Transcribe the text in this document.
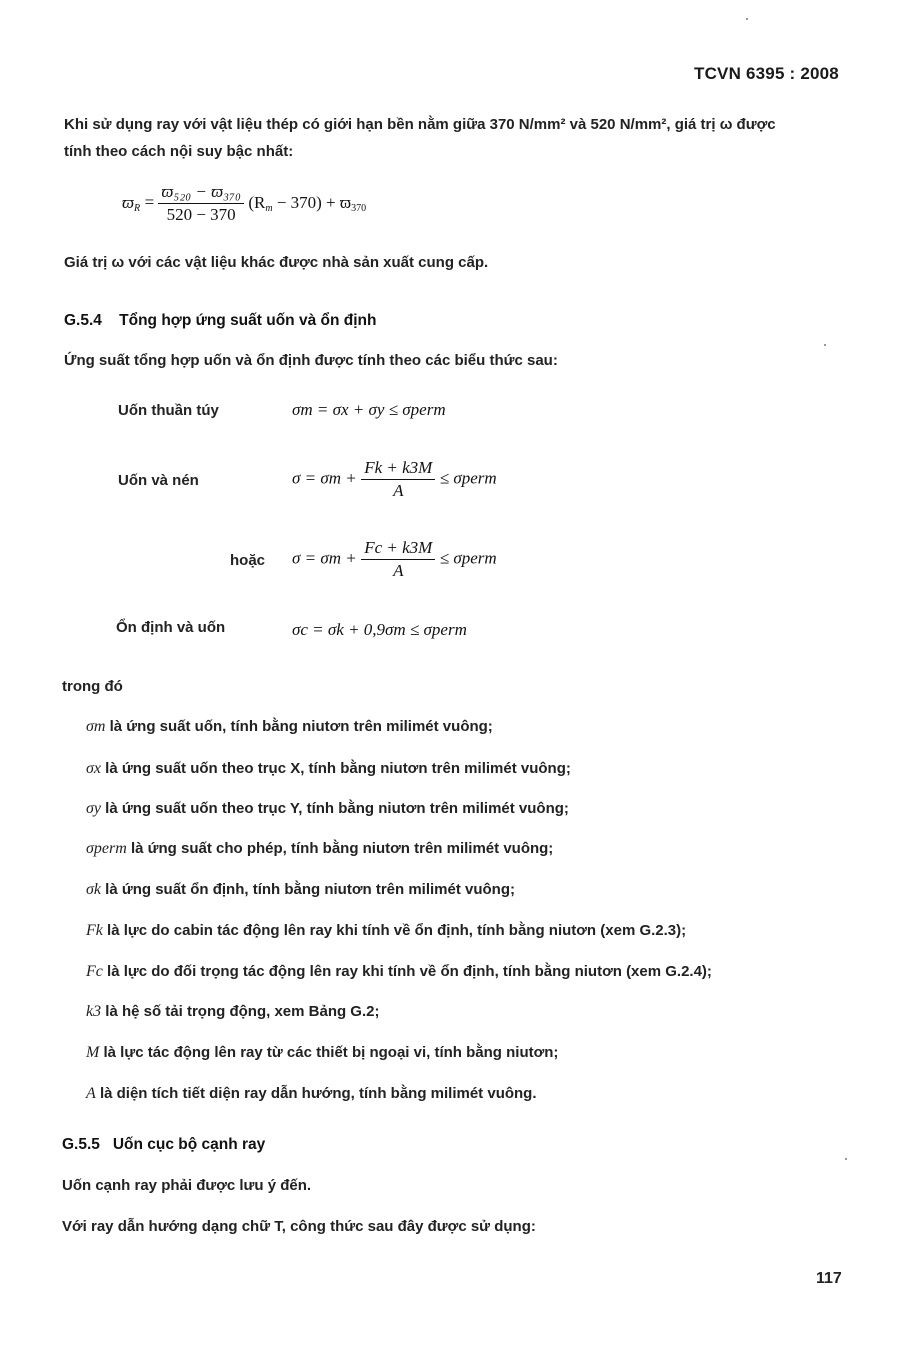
TCVN 6395 : 2008
Khi sử dụng ray với vật liệu thép có giới hạn bền nằm giữa 370 N/mm² và 520 N/mm², giá trị ω được
tính theo cách nội suy bậc nhất:
$ϖ_R = \frac{\text{ϖ₅₂₀ − ϖ₃₇₀}}{520 - 370} (R_m - 370) + ϖ_{370}$
Giá trị ω với các vật liệu khác được nhà sản xuất cung cấp.
G.5.4 Tổng hợp ứng suất uốn và ổn định
Ứng suất tổng hợp uốn và ổn định được tính theo các biểu thức sau:
Uốn thuần túy	σm = σx + σy ≤ σperm
Uốn và nén	$\sigma = \sigma m + \frac{Fk + k3M}{A}$ ≤ σperm
hoặc $\sigma = \sigma m + \frac{Fc + k3M}{A}$ ≤ σperm
Ổn định và uốn	σc = σk + 0,9σm ≤ σperm
trong đó
σm là ứng suất uốn, tính bằng niutơn trên milimét vuông;
σx là ứng suất uốn theo trục X, tính bằng niutơn trên milimét vuông;
σy là ứng suất uốn theo trục Y, tính bằng niutơn trên milimét vuông;
σperm là ứng suất cho phép, tính bằng niutơn trên milimét vuông;
σk là ứng suất ổn định, tính bằng niutơn trên milimét vuông;
Fk là lực do cabin tác động lên ray khi tính về ổn định, tính bằng niutơn (xem G.2.3);
Fc là lực do đối trọng tác động lên ray khi tính về ổn định, tính bằng niutơn (xem G.2.4);
k3 là hệ số tải trọng động, xem Bảng G.2;
M là lực tác động lên ray từ các thiết bị ngoại vi, tính bằng niutơn;
A là diện tích tiết diện ray dẫn hướng, tính bằng milimét vuông.
G.5.5 Uốn cục bộ cạnh ray
Uốn cạnh ray phải được lưu ý đến.
Với ray dẫn hướng dạng chữ T, công thức sau đây được sử dụng:
117
